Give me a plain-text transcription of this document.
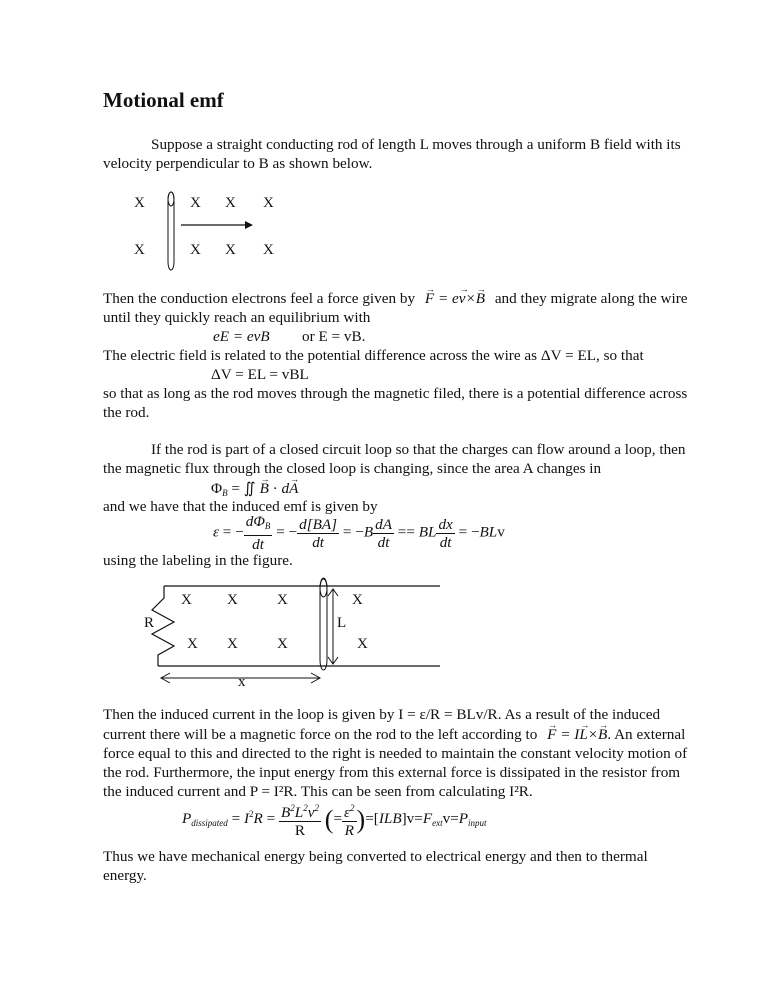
Motional emf
Suppose a straight conducting rod of length L moves through a uniform B field with its
velocity perpendicular to B as shown below.
X	X X X
X	X X X
Then the conduction electrons feel a force given by F → = ev →×B → and they migrate along the wire
until they quickly reach an equilibrium with
eE = evB or E = vB.
The electric field is related to the potential difference across the wire as ΔV = EL, so that
ΔV = EL = vBL
so that as long as the rod moves through the magnetic filed, there is a potential difference across
the rod.
If the rod is part of a closed circuit loop so that the charges can flow around a loop, then
the magnetic flux through the closed loop is changing, since the area A changes in
$\Phi_B$ = ∬ B → · dA →
and we have that the induced emf is given by
ε = − $\frac{d\Phi_B}{dt}$ = − $\frac{d[BA]}{dt} = -B \frac{dA}{dt}$ == BL $\frac{dx}{dt} = -BLv$
using the labeling in the figure.
X X	X	X
X X	X	X
R	L
x
Then the induced current in the loop is given by I = ε/R = BLv/R. As a result of the induced
current there will be a magnetic force on the rod to the left according to F → = IL →×B →. An external
force equal to this and directed to the right is needed to maintain the constant velocity motion of
the rod. Furthermore, the input energy from this external force is dissipated in the resistor from
the induced current and P = I²R. This can be seen from calculating I²R.
$P_{dissipated} = I^2R = \frac{B^2L^2v^2}{R}$ (= $\frac{\varepsilon^2}{R} )=[ILB]v=F_{ext}v=P_{input}$
Thus we have mechanical energy being converted to electrical energy and then to thermal
energy.
